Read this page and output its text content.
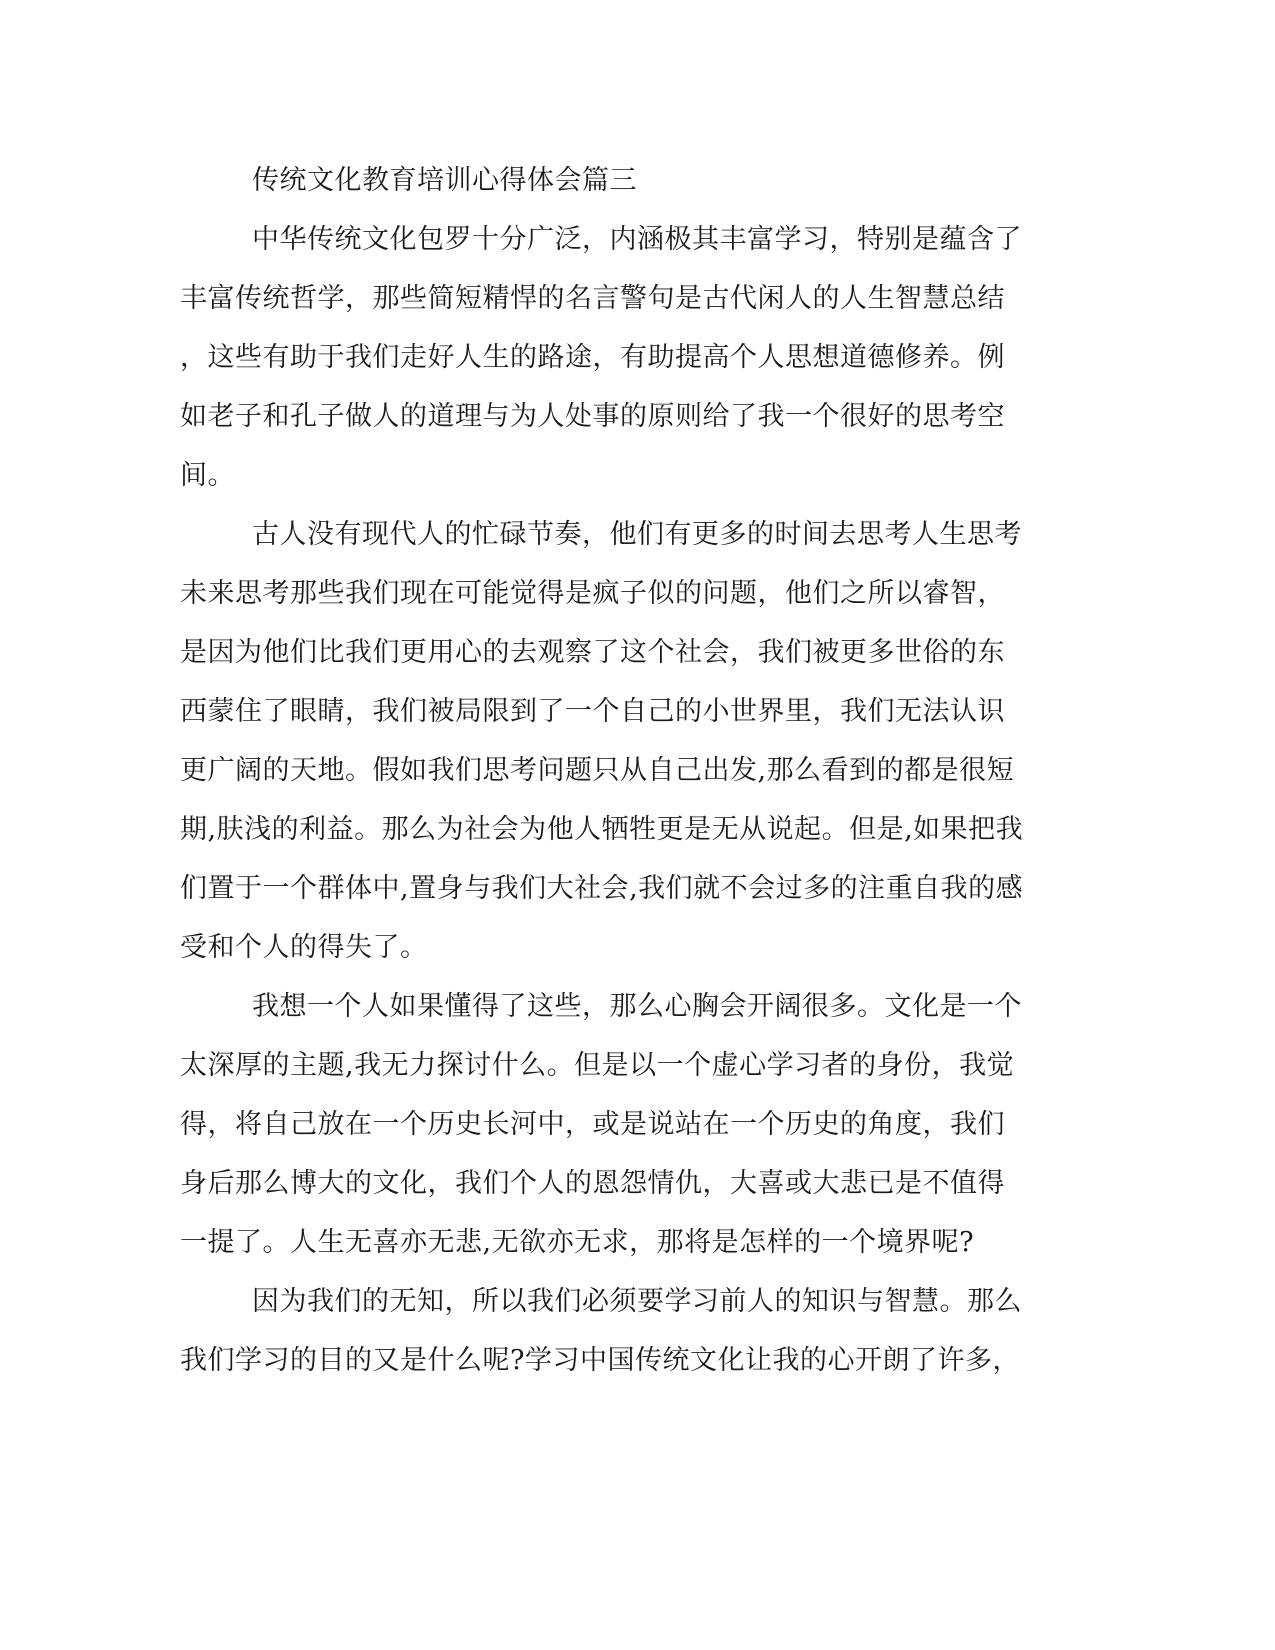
传统文化教育培训心得体会篇三
中华传统文化包罗十分广泛，内涵极其丰富学习，特别是蕴含了
丰富传统哲学，那些简短精悍的名言警句是古代闲人的人生智慧总结
，这些有助于我们走好人生的路途，有助提高个人思想道德修养。例
如老子和孔子做人的道理与为人处事的原则给了我一个很好的思考空
间。
古人没有现代人的忙碌节奏，他们有更多的时间去思考人生思考
未来思考那些我们现在可能觉得是疯子似的问题，他们之所以睿智，
是因为他们比我们更用心的去观察了这个社会，我们被更多世俗的东
西蒙住了眼睛，我们被局限到了一个自己的小世界里，我们无法认识
更广阔的天地。假如我们思考问题只从自己出发,那么看到的都是很短
期,肤浅的利益。那么为社会为他人牺牲更是无从说起。但是,如果把我
们置于一个群体中,置身与我们大社会,我们就不会过多的注重自我的感
受和个人的得失了。
我想一个人如果懂得了这些，那么心胸会开阔很多。文化是一个
太深厚的主题,我无力探讨什么。但是以一个虚心学习者的身份，我觉
得，将自己放在一个历史长河中，或是说站在一个历史的角度，我们
身后那么博大的文化，我们个人的恩怨情仇，大喜或大悲已是不值得
一提了。人生无喜亦无悲,无欲亦无求，那将是怎样的一个境界呢?
因为我们的无知，所以我们必须要学习前人的知识与智慧。那么
我们学习的目的又是什么呢?学习中国传统文化让我的心开朗了许多，
